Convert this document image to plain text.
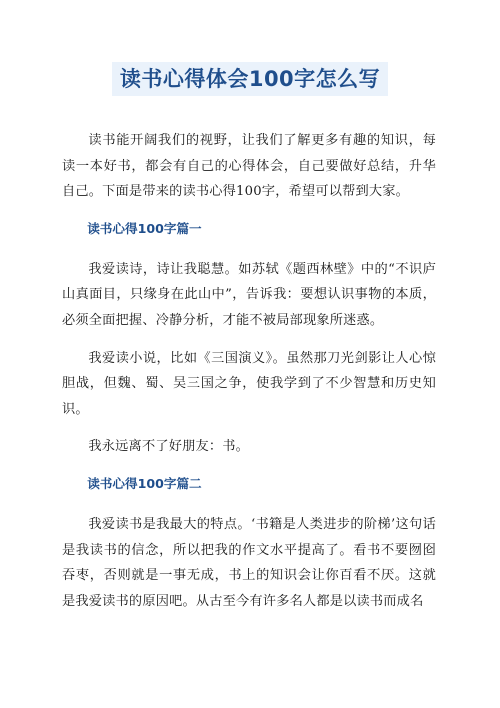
读书心得体会100字怎么写

读书能开阔我们的视野，让我们了解更多有趣的知识，每读一本好书，都会有自己的心得体会，自己要做好总结，升华自己。下面是带来的读书心得100字，希望可以帮到大家。

读书心得100字篇一

我爱读诗，诗让我聪慧。如苏轼《题西林壁》中的“不识庐山真面目，只缘身在此山中”，告诉我：要想认识事物的本质，必须全面把握、冷静分析，才能不被局部现象所迷惑。

我爱读小说，比如《三国演义》。虽然那刀光剑影让人心惊胆战，但魏、蜀、吴三国之争，使我学到了不少智慧和历史知识。

我永远离不了好朋友：书。

读书心得100字篇二

我爱读书是我最大的特点。‘书籍是人类进步的阶梯’这句话是我读书的信念，所以把我的作文水平提高了。看书不要囫囵吞枣，否则就是一事无成，书上的知识会让你百看不厌。这就是我爱读书的原因吧。从古至今有许多名人都是以读书而成名
